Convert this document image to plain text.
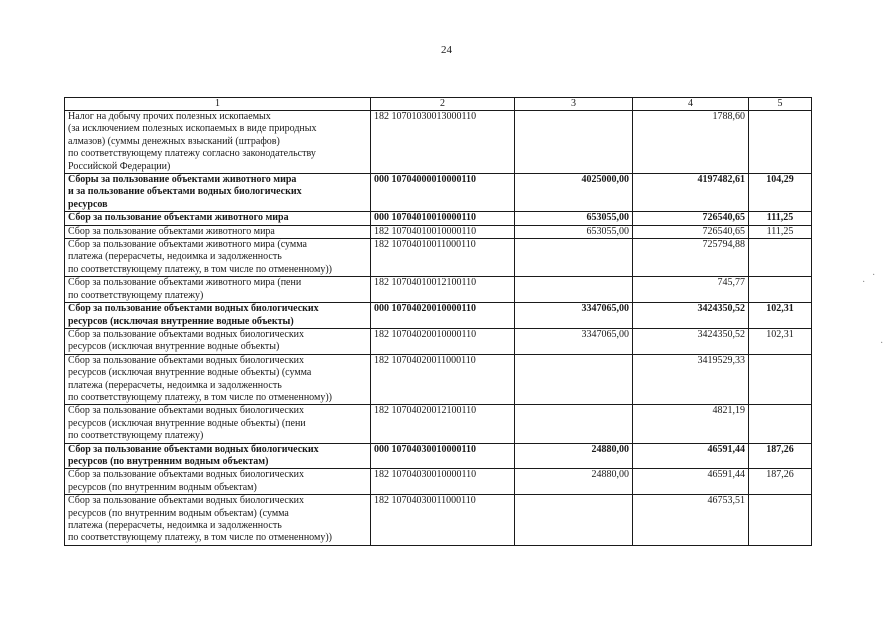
24
1	2	3	4	5

Налог на добычу прочих полезных ископаемых
(за исключением полезных ископаемых в виде природных
алмазов) (суммы денежных взысканий (штрафов)
по соответствующему платежу согласно законодательству
Российской Федерации)	182 10701030013000110		1788,60	

Сборы за пользование объектами животного мира
и за пользование объектами водных биологических
ресурсов	000 10704000010000110	4025000,00	4197482,61	104,29

Сбор за пользование объектами животного мира	000 10704010010000110	653055,00	726540,65	111,25

Сбор за пользование объектами животного мира	182 10704010010000110	653055,00	726540,65	111,25

Сбор за пользование объектами животного мира (сумма
платежа (перерасчеты, недоимка и задолженность
по соответствующему платежу, в том числе по отмененному))	182 10704010011000110		725794,88	

Сбор за пользование объектами животного мира (пени
по соответствующему платежу)	182 10704010012100110		745,77	

Сбор за пользование объектами водных биологических
ресурсов (исключая внутренние водные объекты)	000 10704020010000110	3347065,00	3424350,52	102,31

Сбор за пользование объектами водных биологических
ресурсов (исключая внутренние водные объекты)	182 10704020010000110	3347065,00	3424350,52	102,31

Сбор за пользование объектами водных биологических
ресурсов (исключая внутренние водные объекты) (сумма
платежа (перерасчеты, недоимка и задолженность
по соответствующему платежу, в том числе по отмененному))	182 10704020011000110		3419529,33	

Сбор за пользование объектами водных биологических
ресурсов (исключая внутренние водные объекты) (пени
по соответствующему платежу)	182 10704020012100110		4821,19	

Сбор за пользование объектами водных биологических
ресурсов (по внутренним водным объектам)	000 10704030010000110	24880,00	46591,44	187,26

Сбор за пользование объектами водных биологических
ресурсов (по внутренним водным объектам)	182 10704030010000110	24880,00	46591,44	187,26

Сбор за пользование объектами водных биологических
ресурсов (по внутренним водным объектам) (сумма
платежа (перерасчеты, недоимка и задолженность
по соответствующему платежу, в том числе по отмененному))	182 10704030011000110		46753,51	
·
·
·
